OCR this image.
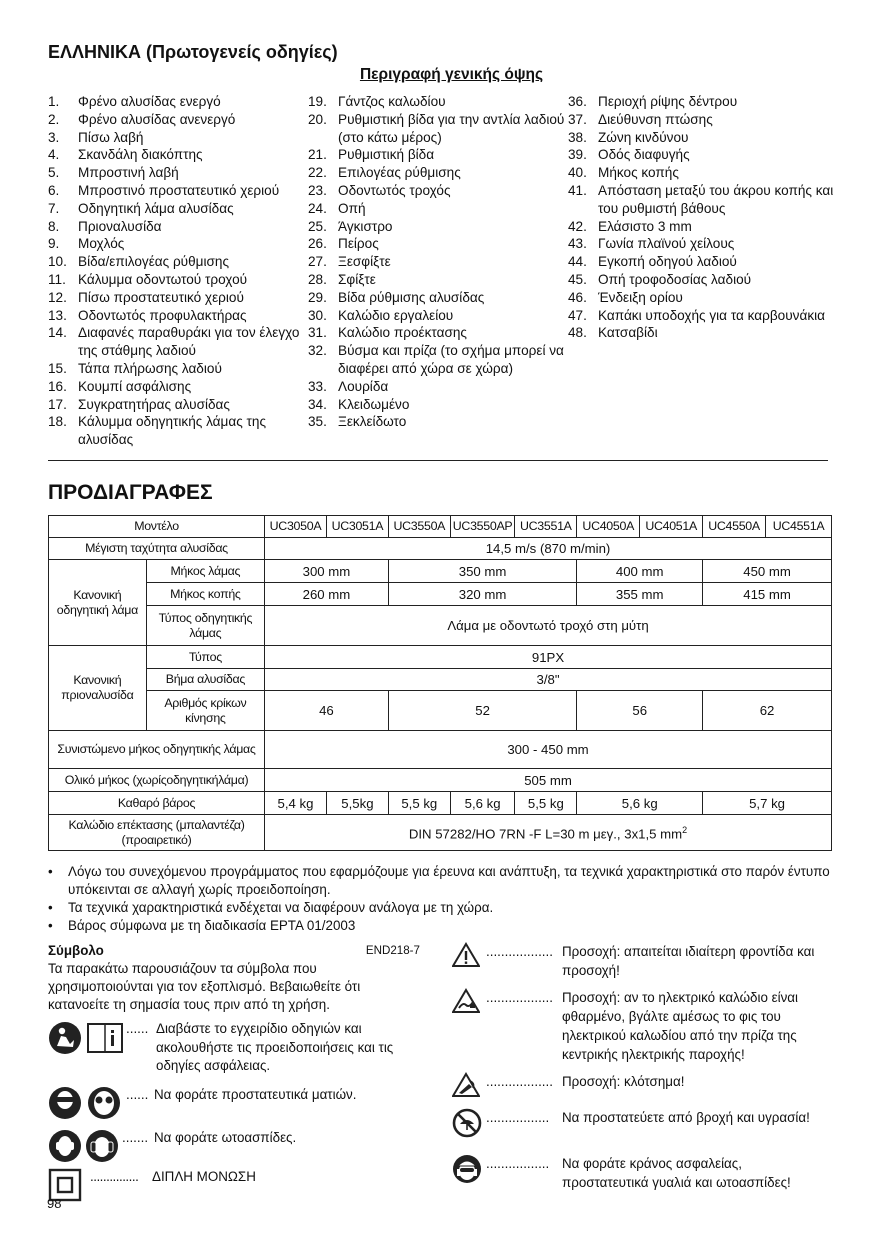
ΕΛΛΗΝΙΚΑ (Πρωτογενείς οδηγίες)
Περιγραφή γενικής όψης
1.	Φρένο αλυσίδας ενεργό
2.	Φρένο αλυσίδας ανενεργό
3.	Πίσω λαβή
4.	Σκανδάλη διακόπτης
5.	Μπροστινή λαβή
6.	Μπροστινό προστατευτικό χεριού
7.	Οδηγητική λάμα αλυσίδας
8.	Πριοναλυσίδα
9.	Μοχλός
10. Βίδα/επιλογέας ρύθμισης
11. Κάλυμμα οδοντωτού τροχού
12. Πίσω προστατευτικό χεριού
13. Οδοντωτός προφυλακτήρας
14. Διαφανές παραθυράκι για τον έλεγχο της στάθμης λαδιού
15. Τάπα πλήρωσης λαδιού
16. Κουμπί ασφάλισης
17. Συγκρατητήρας αλυσίδας
18. Κάλυμμα οδηγητικής λάμας της αλυσίδας
19. Γάντζος καλωδίου
20. Ρυθμιστική βίδα για την αντλία λαδιού (στο κάτω μέρος)
21. Ρυθμιστική βίδα
22. Επιλογέας ρύθμισης
23. Οδοντωτός τροχός
24. Οπή
25. Άγκιστρο
26. Πείρος
27. Ξεσφίξτε
28. Σφίξτε
29. Βίδα ρύθμισης αλυσίδας
30. Καλώδιο εργαλείου
31. Καλώδιο προέκτασης
32. Βύσμα και πρίζα (το σχήμα μπορεί να διαφέρει από χώρα σε χώρα)
33. Λουρίδα
34. Κλειδωμένο
35. Ξεκλείδωτο
36. Περιοχή ρίψης δέντρου
37. Διεύθυνση πτώσης
38. Ζώνη κινδύνου
39. Οδός διαφυγής
40. Μήκος κοπής
41. Απόσταση μεταξύ του άκρου κοπής και του ρυθμιστή βάθους
42. Ελάσιστο 3 mm
43. Γωνία πλαϊνού χείλους
44. Εγκοπή οδηγού λαδιού
45. Οπή τροφοδοσίας λαδιού
46. Ένδειξη ορίου
47. Καπάκι υποδοχής για τα καρβουνάκια
48. Κατσαβίδι
ΠΡΟΔΙΑΓΡΑΦΕΣ
Μοντέλο		UC3050A	UC3051A	UC3550A	UC3550AP	UC3551A	UC4050A	UC4051A	UC4550A	UC4551A
Μέγιστη ταχύτητα αλυσίδας		14,5 m/s (870 m/min)								
Κανονική οδηγητική λάμα	Μήκος λάμας	300 mm		350 mm			400 mm		450 mm	
	Μήκος κοπής	260 mm		320 mm			355 mm		415 mm	
	Τύπος οδηγητικής λάμας	Λάμα με οδοντωτό τροχό στη μύτη								
Κανονική πριοναλυσίδα	Τύπος	91PX								
	Βήμα αλυσίδας	3/8"								
	Αριθμός κρίκων κίνησης	46		52			56		62	
Συνιστώμενο μήκος οδηγητικής λάμας		300 - 450 mm								
Ολικό μήκος (χωρίςοδηγητικήλάμα)		505 mm								
Καθαρό βάρος		5,4 kg	5,5kg	5,5 kg	5,6 kg	5,5 kg	5,6 kg		5,7 kg	
Καλώδιο επέκτασης (μπαλαντέζα) (προαιρετικό)		DIN 57282/HO 7RN -F L=30 m μεγ., 3x1,5 $mm^2$
•	Λόγω του συνεχόμενου προγράμματος που εφαρμόζουμε για έρευνα και ανάπτυξη, τα τεχνικά χαρακτηριστικά στο παρόν έντυπο υπόκεινται σε αλλαγή χωρίς προειδοποίηση.
•	Τα τεχνικά χαρακτηριστικά ενδέχεται να διαφέρουν ανάλογα με τη χώρα.
•	Βάρος σύμφωνα με τη διαδικασία EPTA 01/2003
Σύμβολο	END218-7
Τα παρακάτω παρουσιάζουν τα σύμβολα που χρησιμοποιούνται για τον εξοπλισμό. Βεβαιωθείτε ότι κατανοείτε τη σημασία τους πριν από τη χρήση.
...... Διαβάστε το εγχειρίδιο οδηγιών και ακολουθήστε τις προειδοποιήσεις και τις οδηγίες ασφάλειας.
...... Να φοράτε προστατευτικά ματιών.
....... Να φοράτε ωτοασπίδες.
...............	ΔΙΠΛΗ ΜΟΝΩΣΗ
.................. Προσοχή: απαιτείται ιδιαίτερη φροντίδα και προσοχή!
.................. Προσοχή: αν το ηλεκτρικό καλώδιο είναι φθαρμένο, βγάλτε αμέσως το φις του ηλεκτρικού καλωδίου από την πρίζα της κεντρικής ηλεκτρικής παροχής!
.................. Προσοχή: κλότσημα!
................. Να προστατεύετε από βροχή και υγρασία!
................. Να φοράτε κράνος ασφαλείας, προστατευτικά γυαλιά και ωτοασπίδες!
98
